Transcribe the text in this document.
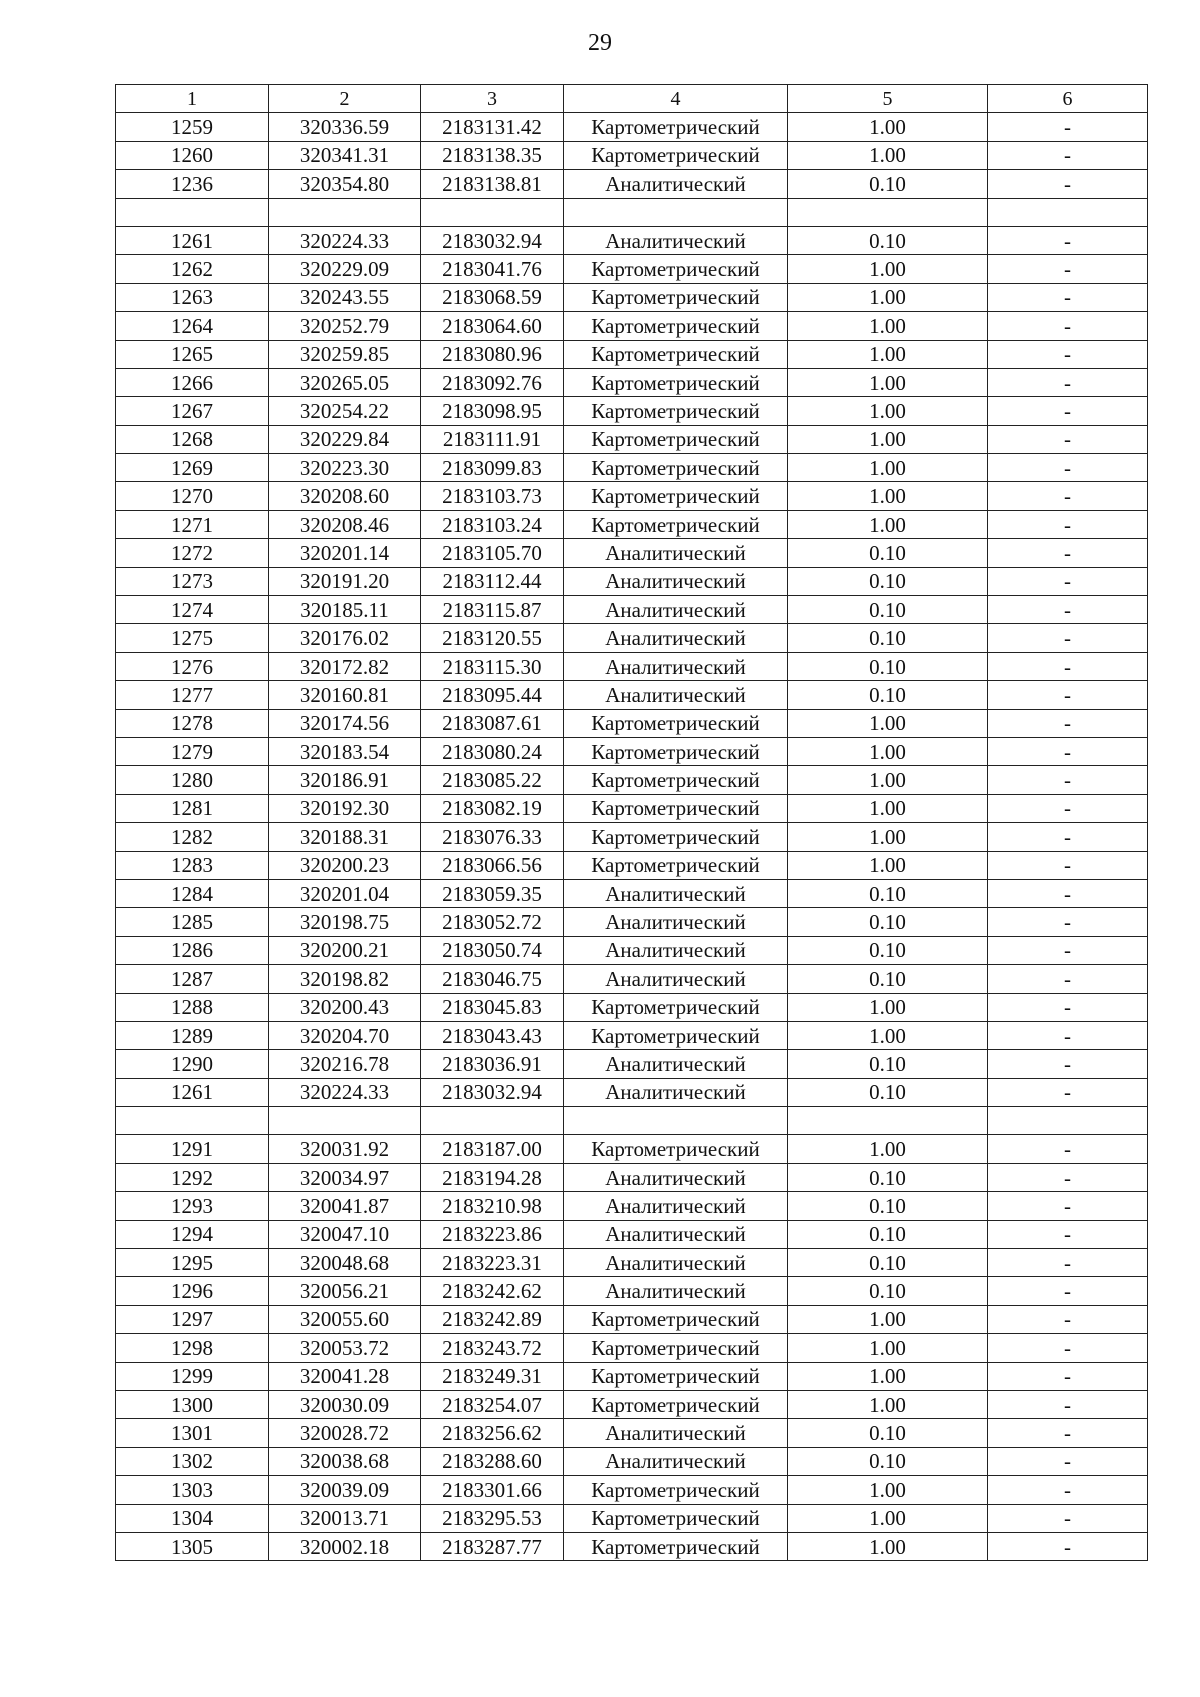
29
1	2	3	4	5	6
1259	320336.59	2183131.42	Картометрический	1.00	-
1260	320341.31	2183138.35	Картометрический	1.00	-
1236	320354.80	2183138.81	Аналитический	0.10	-

1261	320224.33	2183032.94	Аналитический	0.10	-
1262	320229.09	2183041.76	Картометрический	1.00	-
1263	320243.55	2183068.59	Картометрический	1.00	-
1264	320252.79	2183064.60	Картометрический	1.00	-
1265	320259.85	2183080.96	Картометрический	1.00	-
1266	320265.05	2183092.76	Картометрический	1.00	-
1267	320254.22	2183098.95	Картометрический	1.00	-
1268	320229.84	2183111.91	Картометрический	1.00	-
1269	320223.30	2183099.83	Картометрический	1.00	-
1270	320208.60	2183103.73	Картометрический	1.00	-
1271	320208.46	2183103.24	Картометрический	1.00	-
1272	320201.14	2183105.70	Аналитический	0.10	-
1273	320191.20	2183112.44	Аналитический	0.10	-
1274	320185.11	2183115.87	Аналитический	0.10	-
1275	320176.02	2183120.55	Аналитический	0.10	-
1276	320172.82	2183115.30	Аналитический	0.10	-
1277	320160.81	2183095.44	Аналитический	0.10	-
1278	320174.56	2183087.61	Картометрический	1.00	-
1279	320183.54	2183080.24	Картометрический	1.00	-
1280	320186.91	2183085.22	Картометрический	1.00	-
1281	320192.30	2183082.19	Картометрический	1.00	-
1282	320188.31	2183076.33	Картометрический	1.00	-
1283	320200.23	2183066.56	Картометрический	1.00	-
1284	320201.04	2183059.35	Аналитический	0.10	-
1285	320198.75	2183052.72	Аналитический	0.10	-
1286	320200.21	2183050.74	Аналитический	0.10	-
1287	320198.82	2183046.75	Аналитический	0.10	-
1288	320200.43	2183045.83	Картометрический	1.00	-
1289	320204.70	2183043.43	Картометрический	1.00	-
1290	320216.78	2183036.91	Аналитический	0.10	-
1261	320224.33	2183032.94	Аналитический	0.10	-

1291	320031.92	2183187.00	Картометрический	1.00	-
1292	320034.97	2183194.28	Аналитический	0.10	-
1293	320041.87	2183210.98	Аналитический	0.10	-
1294	320047.10	2183223.86	Аналитический	0.10	-
1295	320048.68	2183223.31	Аналитический	0.10	-
1296	320056.21	2183242.62	Аналитический	0.10	-
1297	320055.60	2183242.89	Картометрический	1.00	-
1298	320053.72	2183243.72	Картометрический	1.00	-
1299	320041.28	2183249.31	Картометрический	1.00	-
1300	320030.09	2183254.07	Картометрический	1.00	-
1301	320028.72	2183256.62	Аналитический	0.10	-
1302	320038.68	2183288.60	Аналитический	0.10	-
1303	320039.09	2183301.66	Картометрический	1.00	-
1304	320013.71	2183295.53	Картометрический	1.00	-
1305	320002.18	2183287.77	Картометрический	1.00	-
